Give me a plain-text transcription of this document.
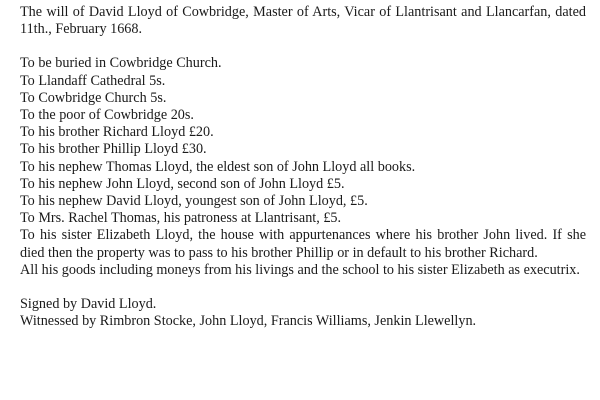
The will of David Lloyd of Cowbridge, Master of Arts, Vicar of Llantrisant and Llancarfan, dated 11th., February 1668.

To be buried in Cowbridge Church.
To Llandaff Cathedral 5s.
To Cowbridge Church 5s.
To the poor of Cowbridge 20s.
To his brother Richard Lloyd £20.
To his brother Phillip Lloyd £30.
To his nephew Thomas Lloyd, the eldest son of John Lloyd all books.
To his nephew John Lloyd, second son of John Lloyd £5.
To his nephew David Lloyd, youngest son of John Lloyd, £5.
To Mrs. Rachel Thomas, his patroness at Llantrisant, £5.
To his sister Elizabeth Lloyd, the house with appurtenances where his brother John lived. If she died then the property was to pass to his brother Phillip or in default to his brother Richard.
All his goods including moneys from his livings and the school to his sister Elizabeth as executrix.

Signed by David Lloyd.

Witnessed by Rimbron Stocke, John Lloyd, Francis Williams, Jenkin Llewellyn.
